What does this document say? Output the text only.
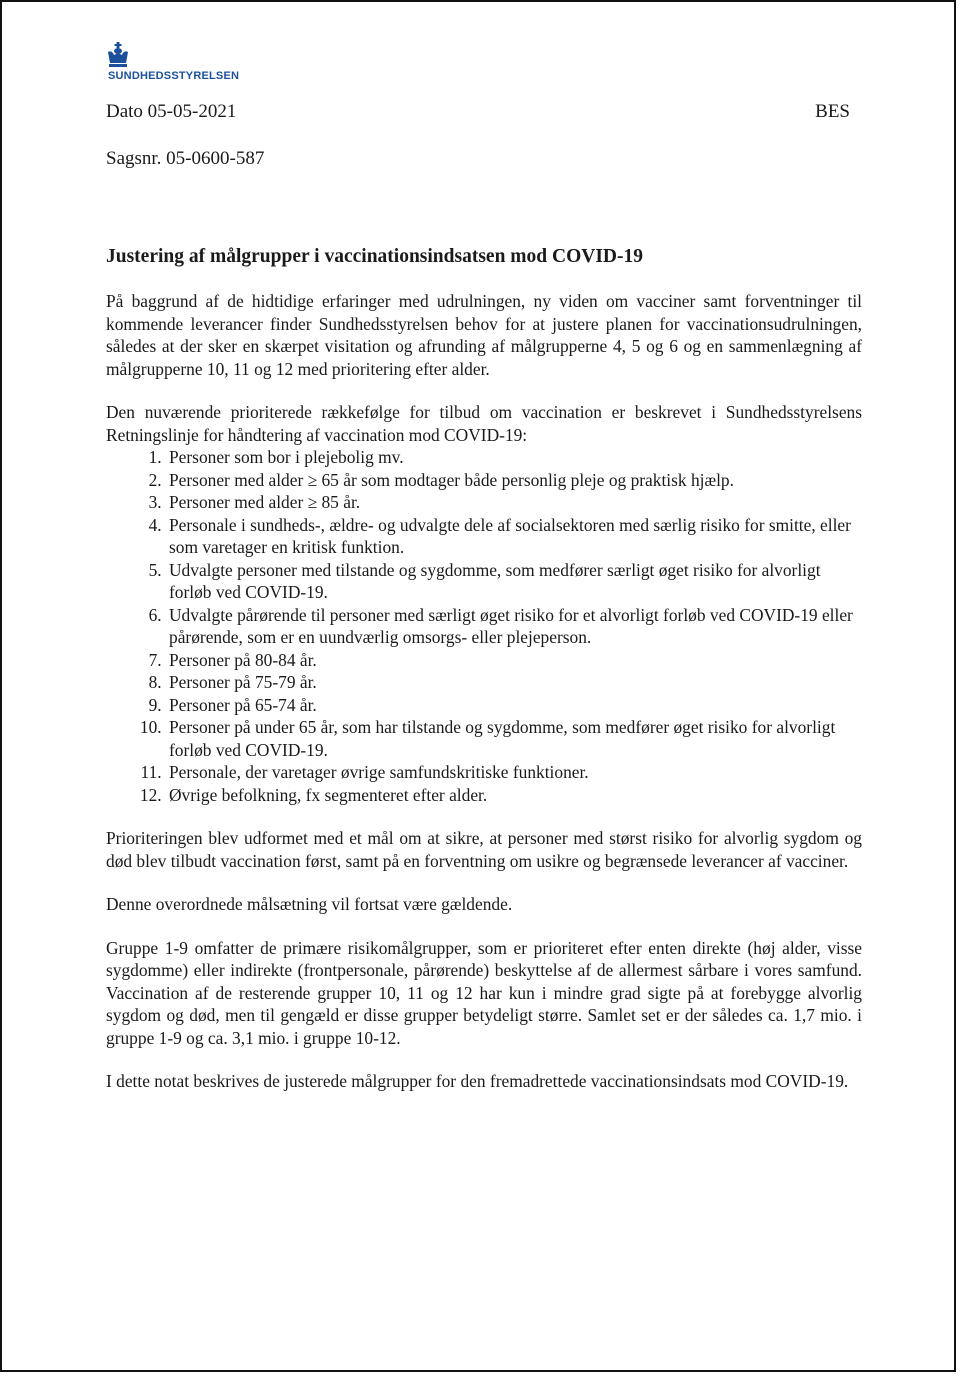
SUNDHEDSSTYRELSEN
Dato 05-05-2021	BES
Sagsnr. 05-0600-587
Justering af målgrupper i vaccinationsindsatsen mod COVID-19

På baggrund af de hidtidige erfaringer med udrulningen, ny viden om vacciner samt forventninger til kommende leverancer finder Sundhedsstyrelsen behov for at justere planen for vaccinationsudrulningen, således at der sker en skærpet visitation og afrunding af målgrupperne 4, 5 og 6 og en sammenlægning af målgrupperne 10, 11 og 12 med prioritering efter alder.

Den nuværende prioriterede rækkefølge for tilbud om vaccination er beskrevet i Sundhedsstyrelsens Retningslinje for håndtering af vaccination mod COVID-19:

1. Personer som bor i plejebolig mv.
2. Personer med alder ≥ 65 år som modtager både personlig pleje og praktisk hjælp.
3. Personer med alder ≥ 85 år.
4. Personale i sundheds-, ældre- og udvalgte dele af socialsektoren med særlig risiko for smitte, eller som varetager en kritisk funktion.
5. Udvalgte personer med tilstande og sygdomme, som medfører særligt øget risiko for alvorligt forløb ved COVID-19.
6. Udvalgte pårørende til personer med særligt øget risiko for et alvorligt forløb ved COVID-19 eller pårørende, som er en uundværlig omsorgs- eller plejeperson.
7. Personer på 80-84 år.
8. Personer på 75-79 år.
9. Personer på 65-74 år.
10. Personer på under 65 år, som har tilstande og sygdomme, som medfører øget risiko for alvorligt forløb ved COVID-19.
11. Personale, der varetager øvrige samfundskritiske funktioner.
12. Øvrige befolkning, fx segmenteret efter alder.

Prioriteringen blev udformet med et mål om at sikre, at personer med størst risiko for alvorlig sygdom og død blev tilbudt vaccination først, samt på en forventning om usikre og begrænsede leverancer af vacciner.

Denne overordnede målsætning vil fortsat være gældende.

Gruppe 1-9 omfatter de primære risikomålgrupper, som er prioriteret efter enten direkte (høj alder, visse sygdomme) eller indirekte (frontpersonale, pårørende) beskyttelse af de allermest sårbare i vores samfund. Vaccination af de resterende grupper 10, 11 og 12 har kun i mindre grad sigte på at forebygge alvorlig sygdom og død, men til gengæld er disse grupper betydeligt større. Samlet set er der således ca. 1,7 mio. i gruppe 1-9 og ca. 3,1 mio. i gruppe 10-12.

I dette notat beskrives de justerede målgrupper for den fremadrettede vaccinationsindsats mod COVID-19.
